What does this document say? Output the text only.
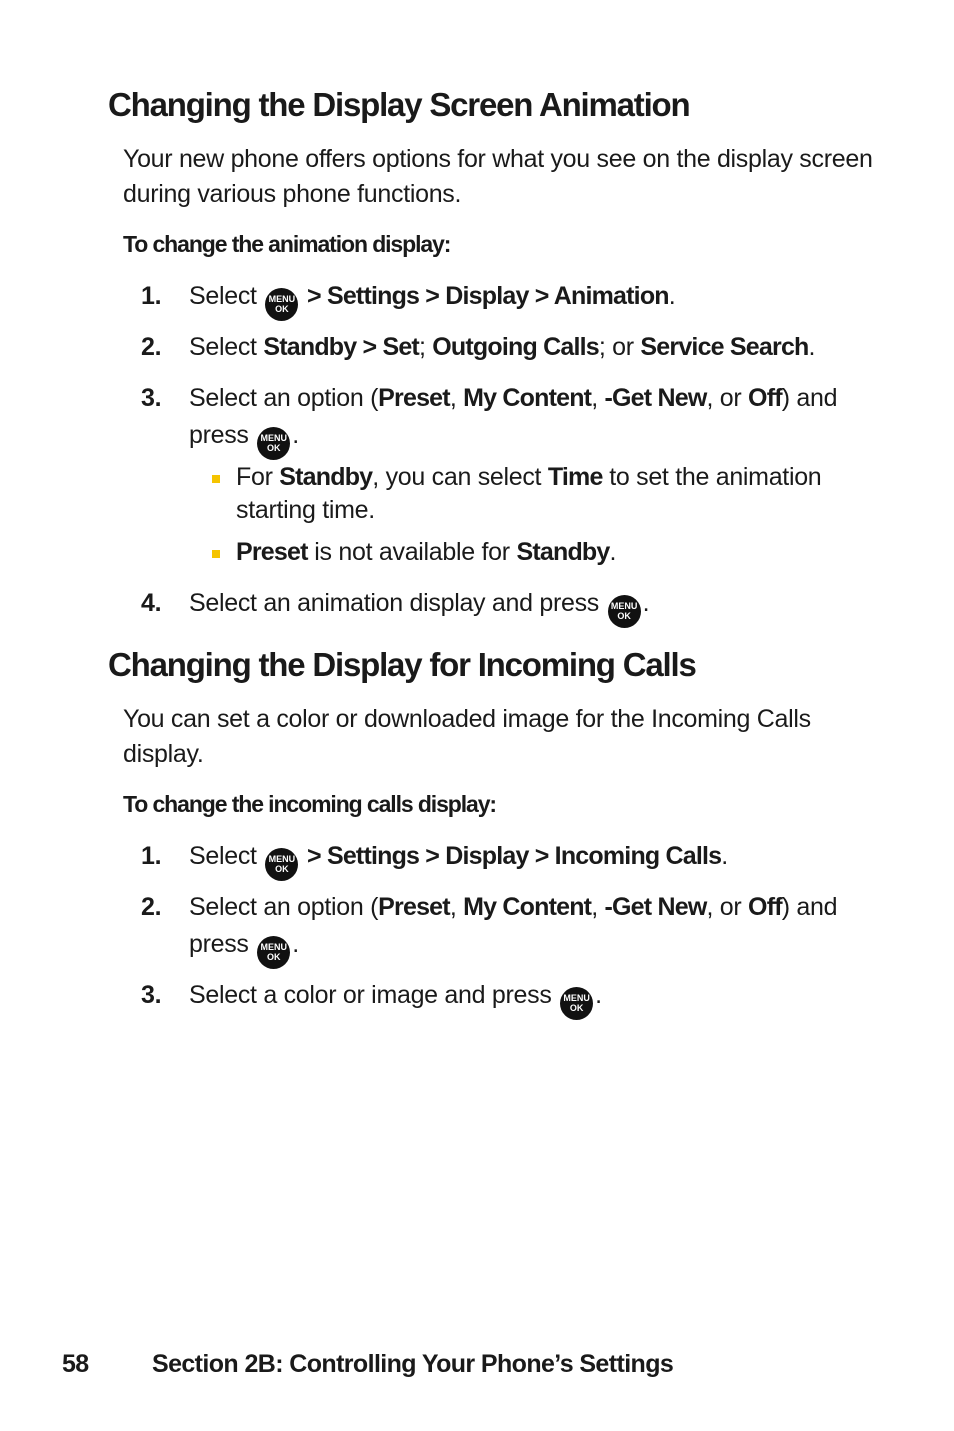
Changing the Display Screen Animation

Your new phone offers options for what you see on the display screen during various phone functions.

To change the animation display:

1.	Select	MENU
OK > Settings > Display > Animation.
2.	Select Standby > Set; Outgoing Calls; or Service Search.
3.	Select an option (Preset, My Content, -Get New, or Off) and press	MENU
OK .
For Standby, you can select Time to set the animation starting time.
Preset is not available for Standby.
4.	Select an animation display and press	MENU
OK .
Changing the Display for Incoming Calls

You can set a color or downloaded image for the Incoming Calls display.

To change the incoming calls display:

1.	Select	MENU
OK > Settings > Display > Incoming Calls.
2.	Select an option (Preset, My Content, -Get New, or Off) and press	MENU
OK .
3.	Select a color or image and press	MENU
OK .
58	Section 2B: Controlling Your Phone’s Settings
